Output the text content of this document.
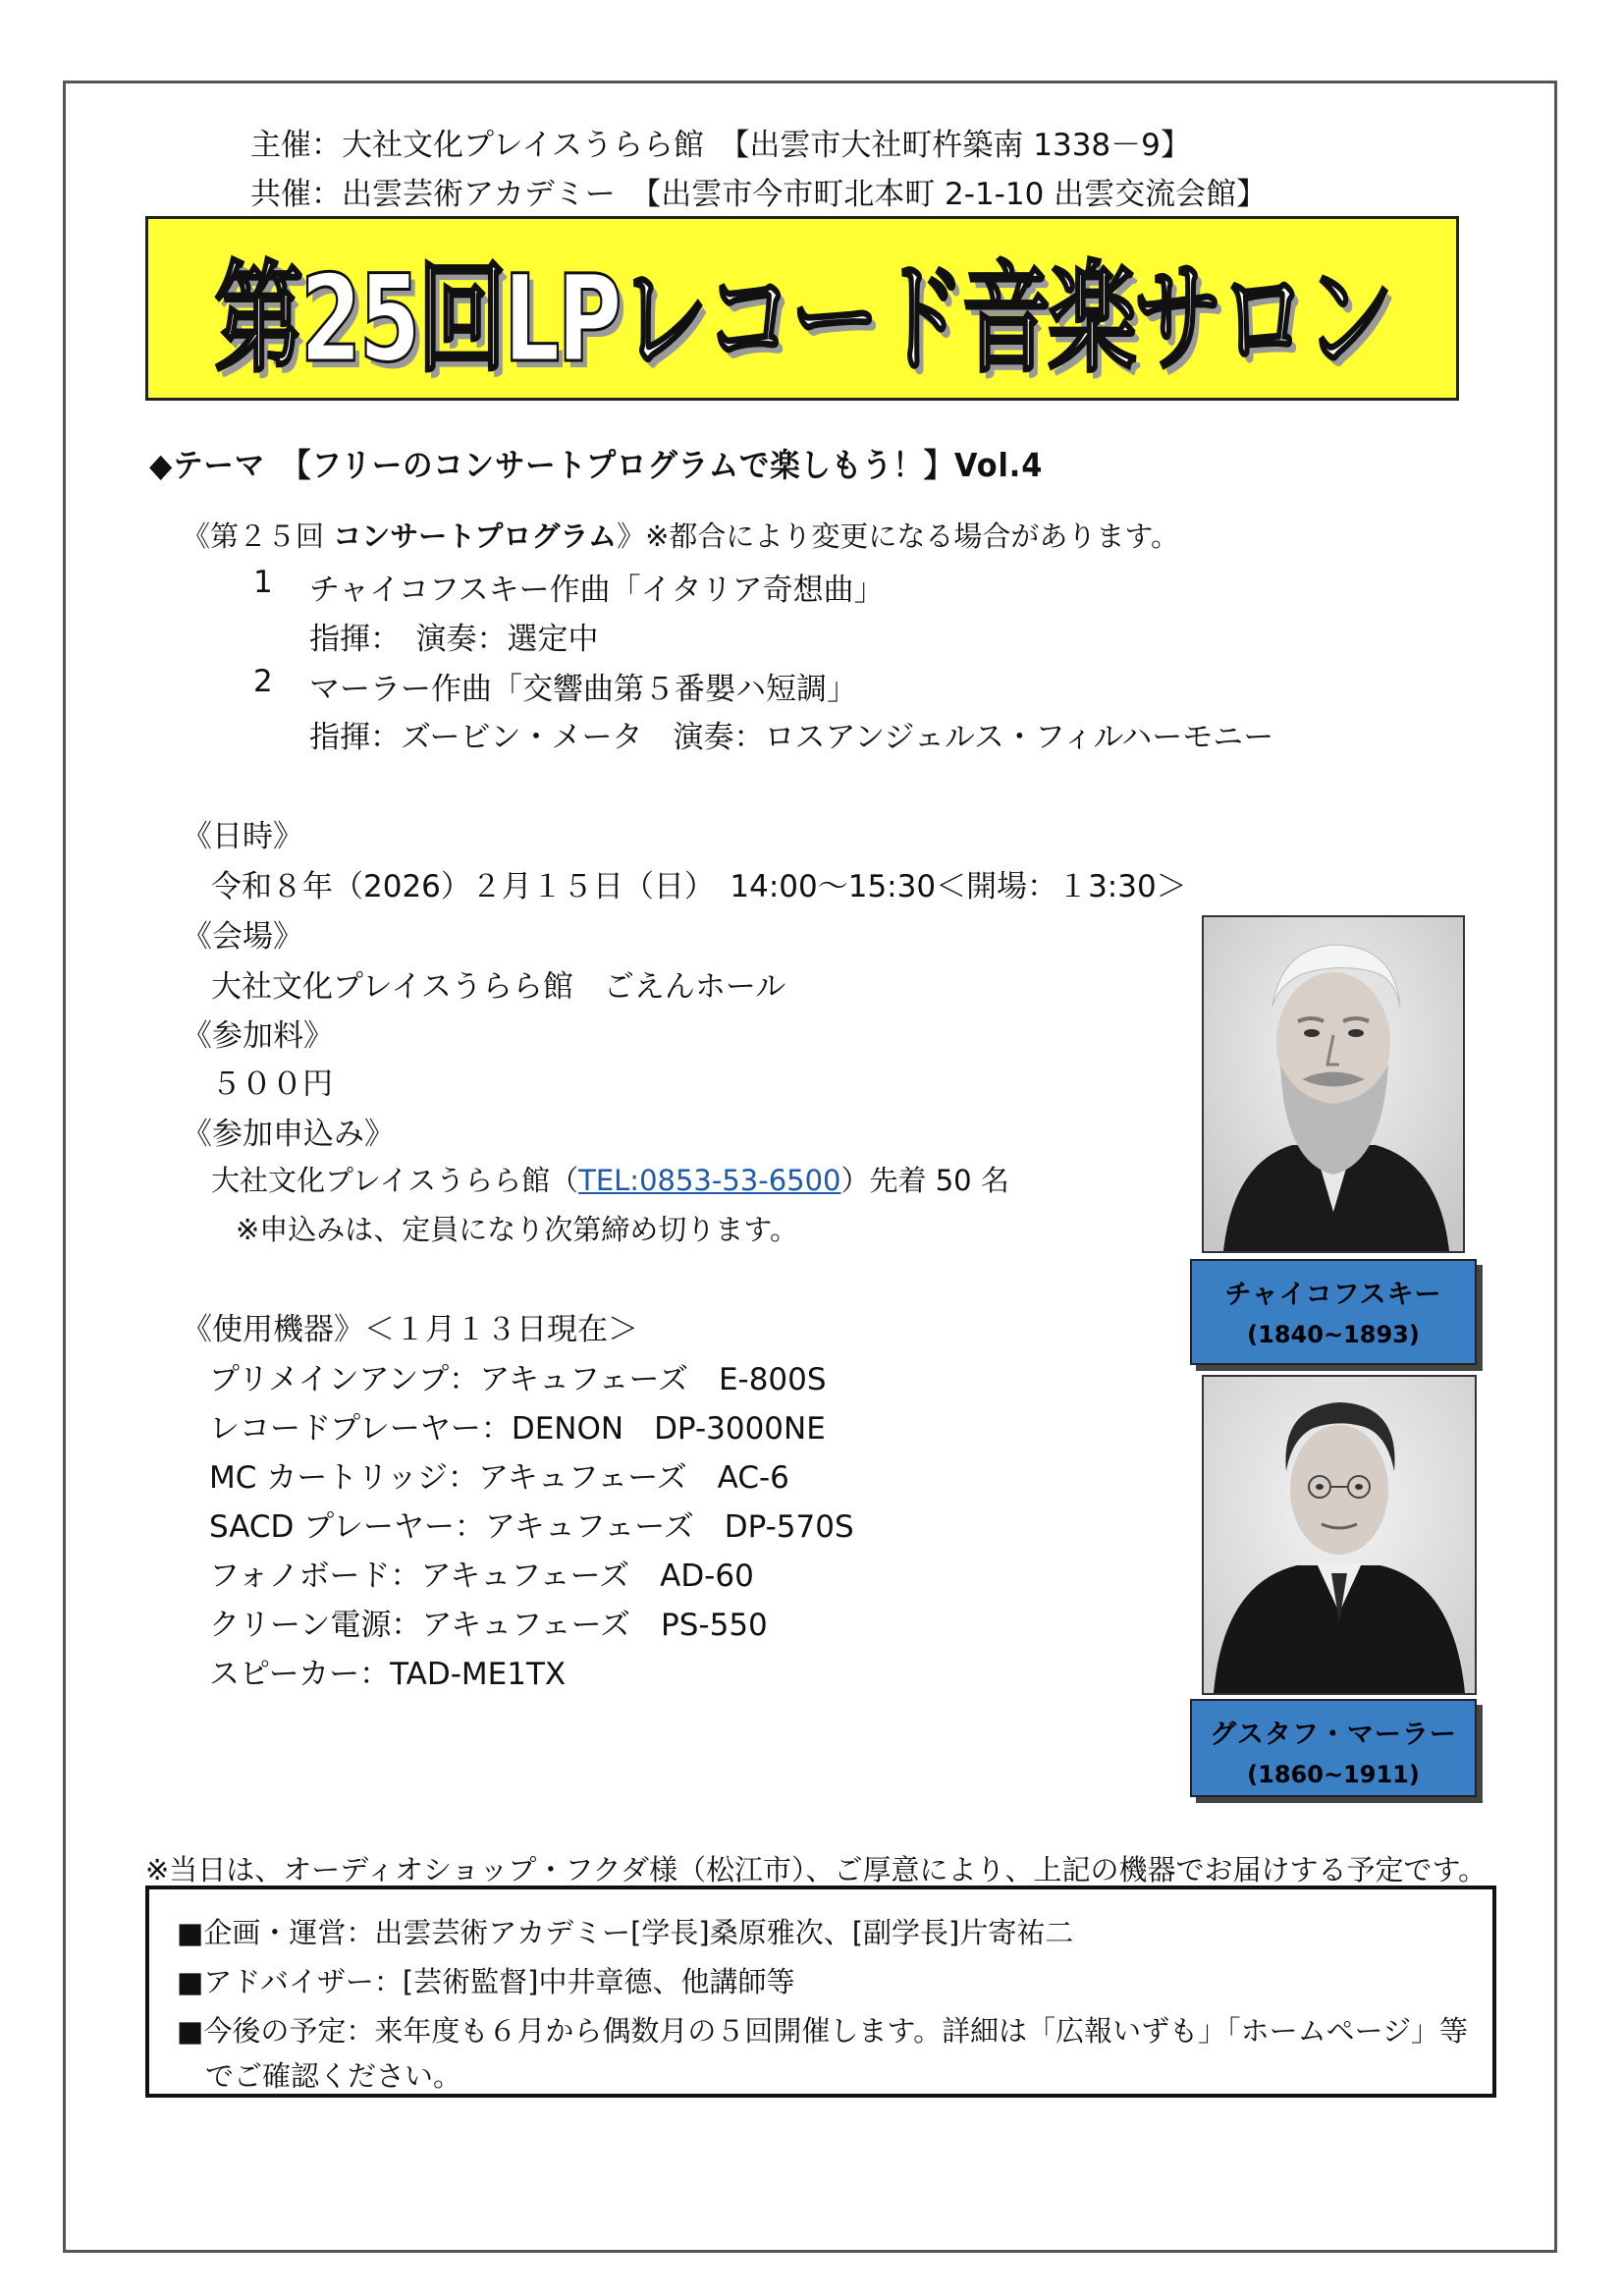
主催：大社文化プレイスうらら館　【出雲市大社町杵築南 1338－9】
共催：出雲芸術アカデミー　【出雲市今市町北本町 2-1-10 出雲交流会館】
第25回LPレコード音楽サロン
◆テーマ　【フリーのコンサートプログラムで楽しもう！】Vol.4
《第２５回 コンサートプログラム》※都合により変更になる場合があります。
1 チャイコフスキー作曲「イタリア奇想曲」
指揮：　演奏：選定中
2 マーラー作曲「交響曲第５番嬰ハ短調」
指揮：ズービン・メータ　演奏：ロスアンジェルス・フィルハーモニー
《日時》
令和８年（2026）２月１５日（日）　14:00～15:30＜開場：１3:30＞
《会場》
大社文化プレイスうらら館　ごえんホール
《参加料》
５００円
《参加申込み》
大社文化プレイスうらら館（TEL:0853-53-6500）先着 50 名
※申込みは、定員になり次第締め切ります。
《使用機器》＜１月１３日現在＞
プリメインアンプ：アキュフェーズ　E-800S
レコードプレーヤー：DENON　DP-3000NE
MC カートリッジ：アキュフェーズ　AC-6
SACD プレーヤー：アキュフェーズ　DP-570S
フォノボード：アキュフェーズ　AD-60
クリーン電源：アキュフェーズ　PS-550
スピーカー：TAD-ME1TX
チャイコフスキー
(1840~1893)
グスタフ・マーラー
(1860~1911)
※当日は、オーディオショップ・フクダ様（松江市）、ご厚意により、上記の機器でお届けする予定です。
■企画・運営：出雲芸術アカデミー[学長]桑原雅次、[副学長]片寄祐二
■アドバイザー：[芸術監督]中井章德、他講師等
■今後の予定：来年度も６月から偶数月の５回開催します。詳細は「広報いずも」「ホームページ」等
　でご確認ください。
